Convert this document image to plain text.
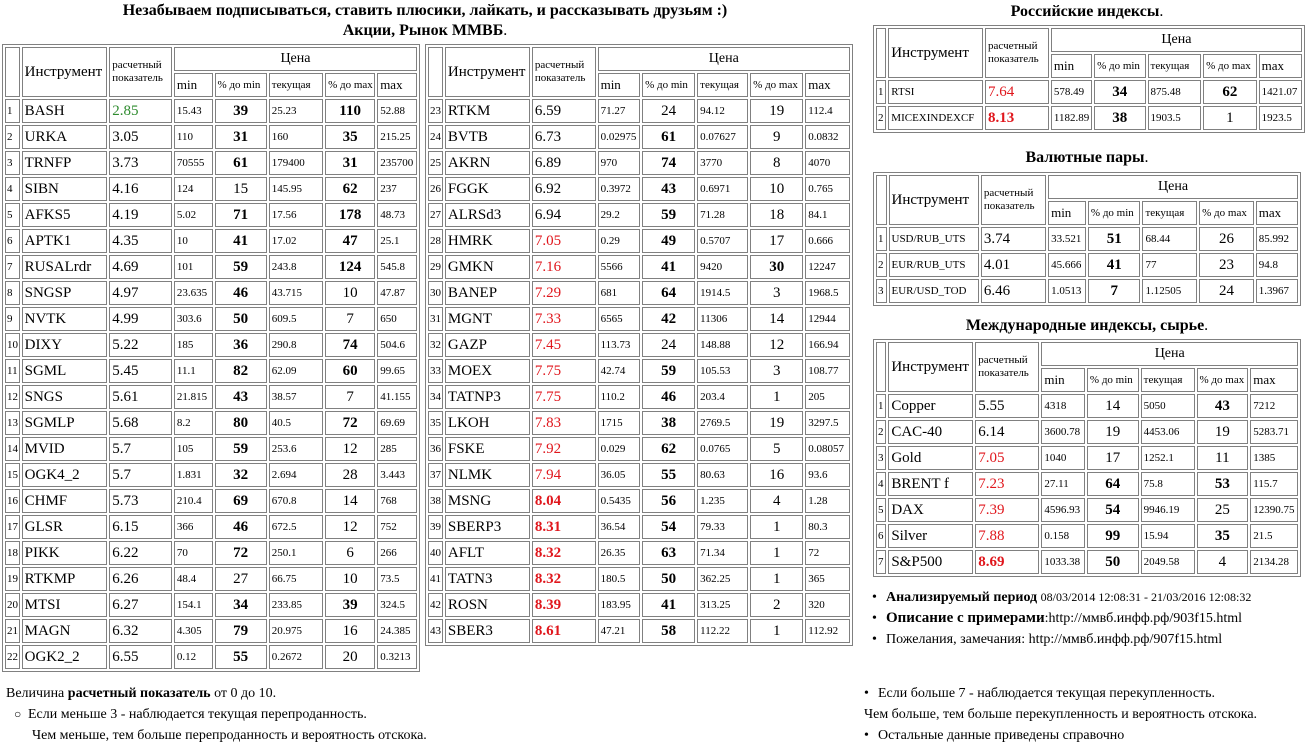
Незабываем подписываться, ставить плюсики, лайкать, и рассказывать друзьям :)
Акции, Рынок ММВБ.
	Инструмент	расчетный показатель	Цена				
			min	% до min	текущая	% до max	max
1	BASH	2.85	15.43	39	25.23	110	52.88
2	URKA	3.05	110	31	160	35	215.25
3	TRNFP	3.73	70555	61	179400	31	235700
4	SIBN	4.16	124	15	145.95	62	237
5	AFKS5	4.19	5.02	71	17.56	178	48.73
6	APTK1	4.35	10	41	17.02	47	25.1
7	RUSALrdr	4.69	101	59	243.8	124	545.8
8	SNGSP	4.97	23.635	46	43.715	10	47.87
9	NVTK	4.99	303.6	50	609.5	7	650
10	DIXY	5.22	185	36	290.8	74	504.6
11	SGML	5.45	11.1	82	62.09	60	99.65
12	SNGS	5.61	21.815	43	38.57	7	41.155
13	SGMLP	5.68	8.2	80	40.5	72	69.69
14	MVID	5.7	105	59	253.6	12	285
15	OGK4_2	5.7	1.831	32	2.694	28	3.443
16	CHMF	5.73	210.4	69	670.8	14	768
17	GLSR	6.15	366	46	672.5	12	752
18	PIKK	6.22	70	72	250.1	6	266
19	RTKMP	6.26	48.4	27	66.75	10	73.5
20	MTSI	6.27	154.1	34	233.85	39	324.5
21	MAGN	6.32	4.305	79	20.975	16	24.385
22	OGK2_2	6.55	0.12	55	0.2672	20	0.3213
	Инструмент	расчетный показатель	Цена				
			min	% до min	текущая	% до max	max
23	RTKM	6.59	71.27	24	94.12	19	112.4
24	BVTB	6.73	0.02975	61	0.07627	9	0.0832
25	AKRN	6.89	970	74	3770	8	4070
26	FGGK	6.92	0.3972	43	0.6971	10	0.765
27	ALRSd3	6.94	29.2	59	71.28	18	84.1
28	HMRK	7.05	0.29	49	0.5707	17	0.666
29	GMKN	7.16	5566	41	9420	30	12247
30	BANEP	7.29	681	64	1914.5	3	1968.5
31	MGNT	7.33	6565	42	11306	14	12944
32	GAZP	7.45	113.73	24	148.88	12	166.94
33	MOEX	7.75	42.74	59	105.53	3	108.77
34	TATNP3	7.75	110.2	46	203.4	1	205
35	LKOH	7.83	1715	38	2769.5	19	3297.5
36	FSKE	7.92	0.029	62	0.0765	5	0.08057
37	NLMK	7.94	36.05	55	80.63	16	93.6
38	MSNG	8.04	0.5435	56	1.235	4	1.28
39	SBERP3	8.31	36.54	54	79.33	1	80.3
40	AFLT	8.32	26.35	63	71.34	1	72
41	TATN3	8.32	180.5	50	362.25	1	365
42	ROSN	8.39	183.95	41	313.25	2	320
43	SBER3	8.61	47.21	58	112.22	1	112.92
Российские индексы.
	Инструмент	расчетный показатель	Цена				
			min	% до min	текущая	% до max	max
1	RTSI	7.64	578.49	34	875.48	62	1421.07
2	MICEXINDEXCF	8.13	1182.89	38	1903.5	1	1923.5
Валютные пары.
	Инструмент	расчетный показатель	Цена				
			min	% до min	текущая	% до max	max
1	USD/RUB_UTS	3.74	33.521	51	68.44	26	85.992
2	EUR/RUB_UTS	4.01	45.666	41	77	23	94.8
3	EUR/USD_TOD	6.46	1.0513	7	1.12505	24	1.3967
Международные индексы, сырье.
	Инструмент	расчетный показатель	Цена				
			min	% до min	текущая	% до max	max
1	Copper	5.55	4318	14	5050	43	7212
2	CAC-40	6.14	3600.78	19	4453.06	19	5283.71
3	Gold	7.05	1040	17	1252.1	11	1385
4	BRENT f	7.23	27.11	64	75.8	53	115.7
5	DAX	7.39	4596.93	54	9946.19	25	12390.75
6	Silver	7.88	0.158	99	15.94	35	21.5
7	S&P500	8.69	1033.38	50	2049.58	4	2134.28
• Анализируемый период 08/03/2014 12:08:31 - 21/03/2016 12:08:32
• Описание с примерами:http://ммвб.инфф.рф/903f15.html
• Пожелания, замечания: http://ммвб.инфф.рф/907f15.html
Величина расчетный показатель от 0 до 10.
○ Если меньше 3 - наблюдается текущая перепроданность.
Чем меньше, тем больше перепроданность и вероятность отскока.
• Если больше 7 - наблюдается текущая перекупленность.
Чем больше, тем больше перекупленность и вероятность отскока.
• Остальные данные приведены справочно
